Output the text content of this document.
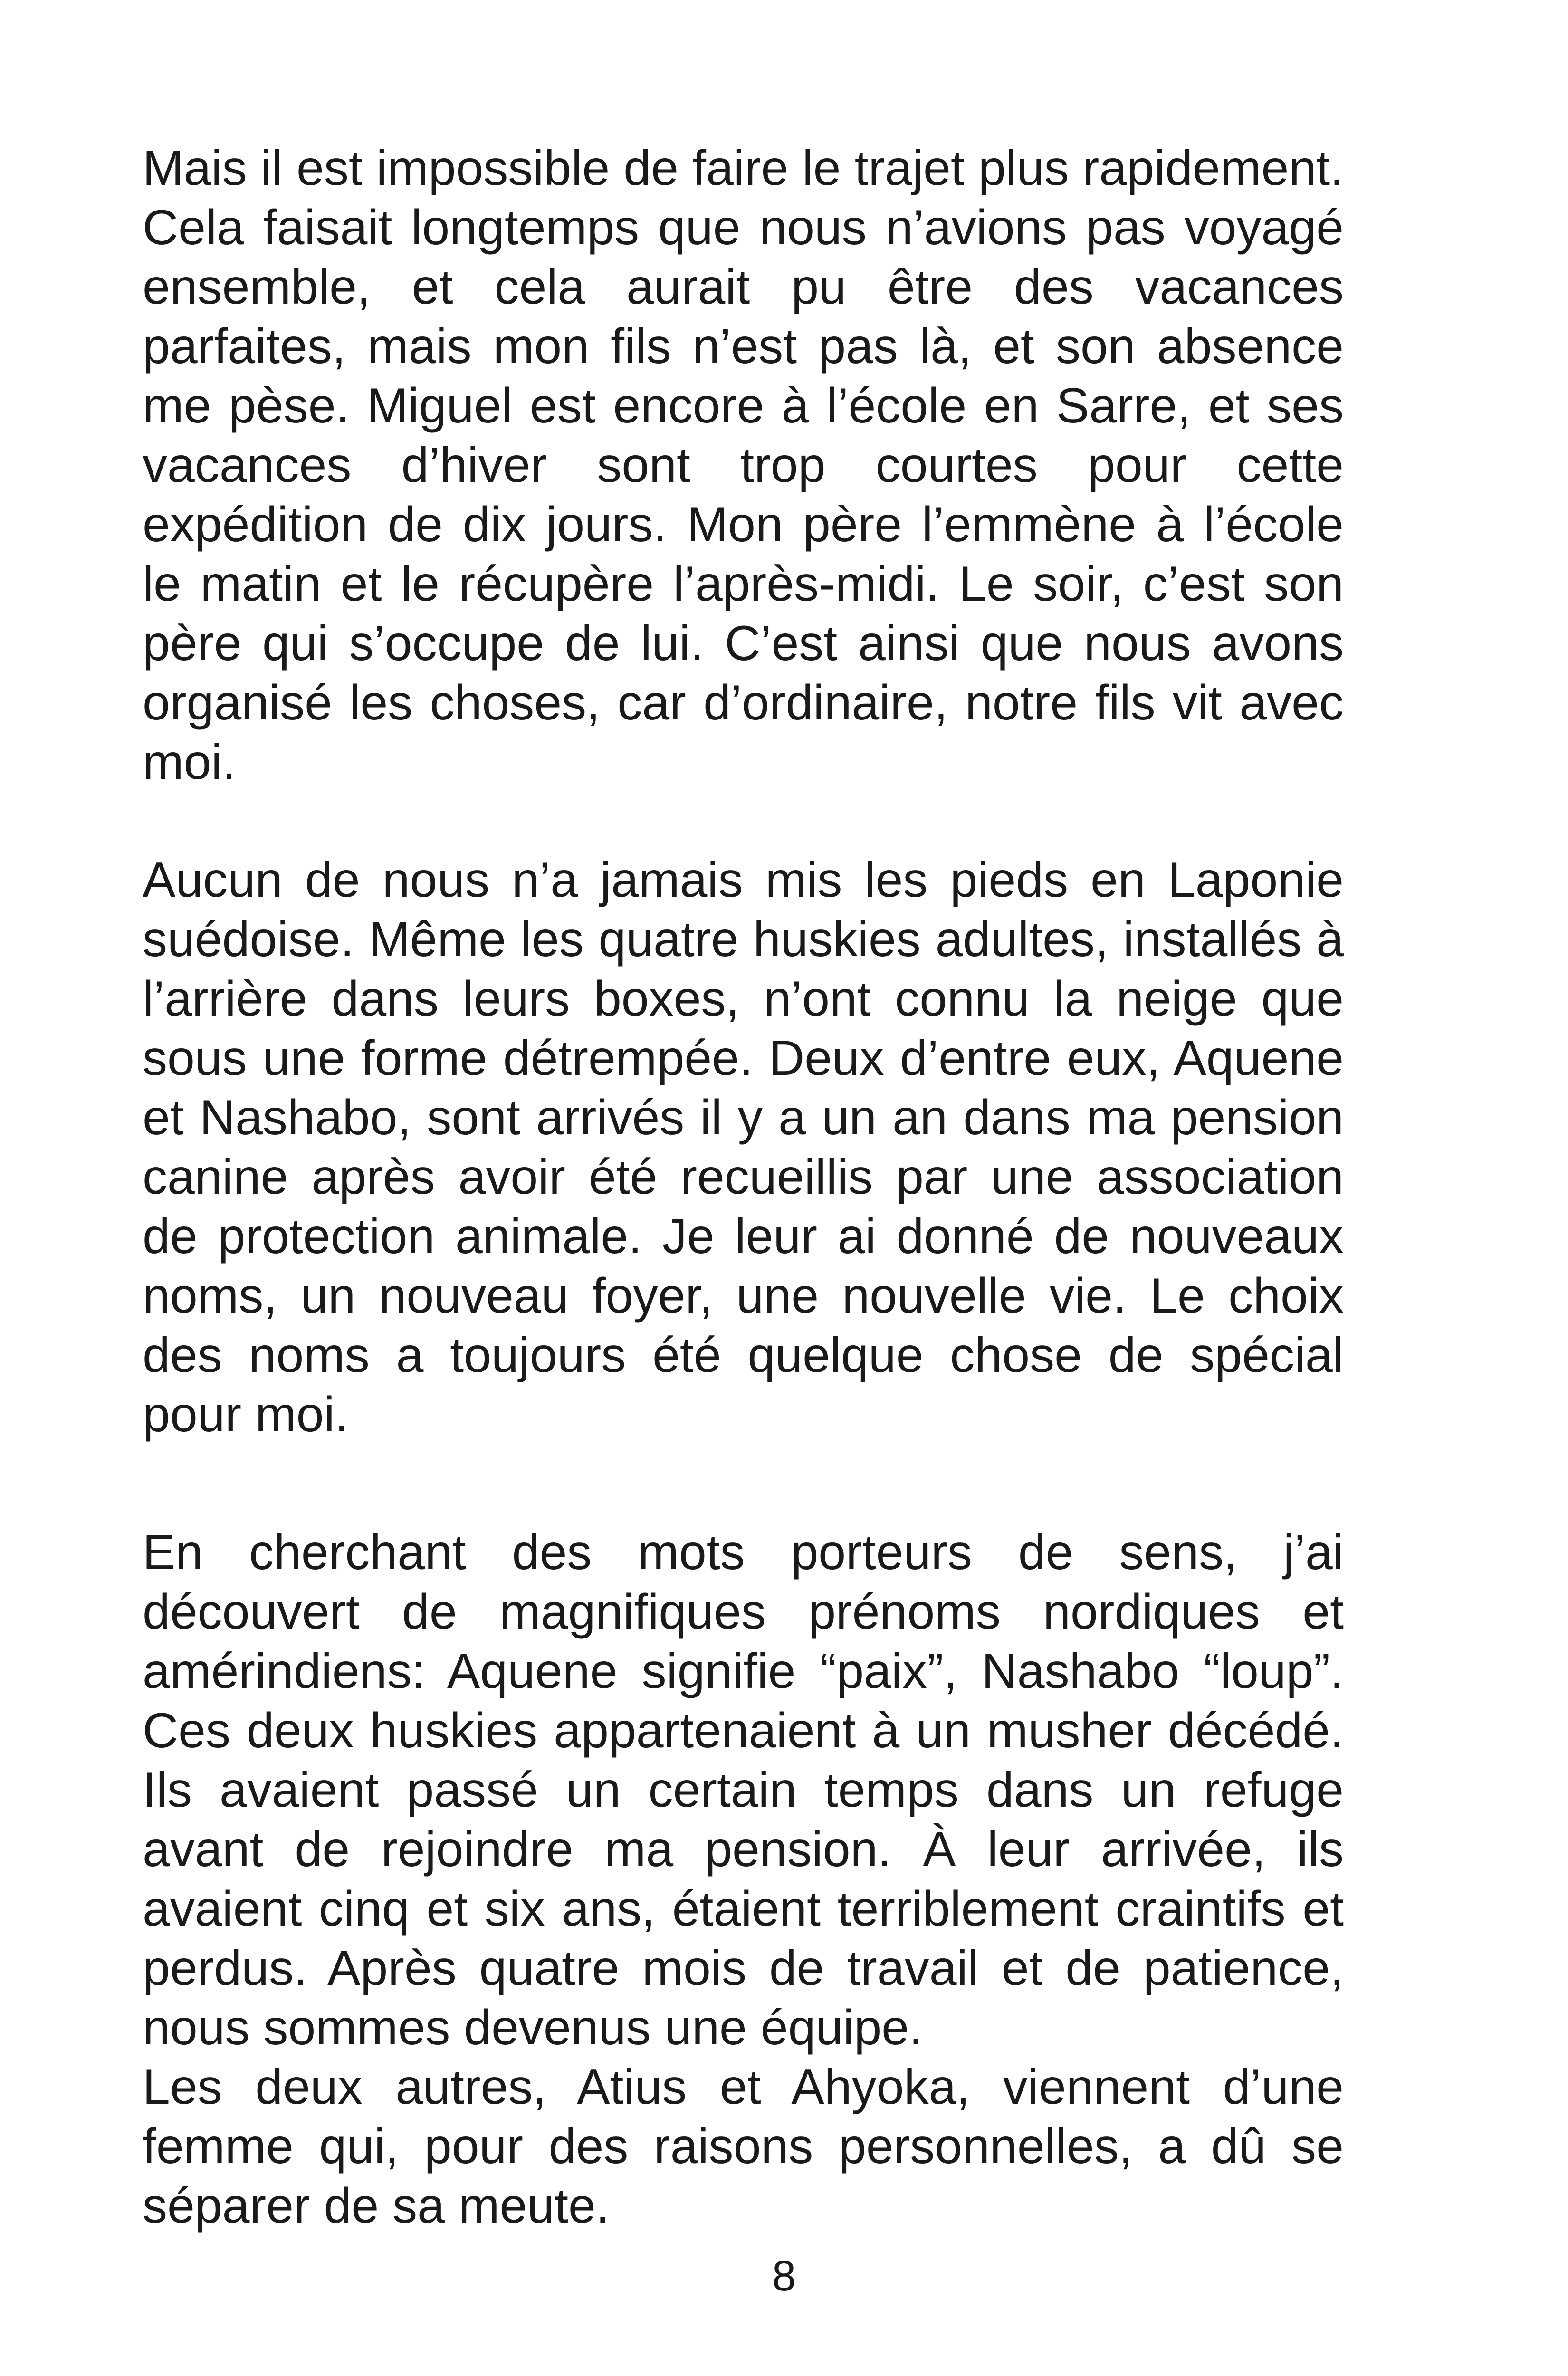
Mais il est impossible de faire le trajet plus rapidement. Cela faisait longtemps que nous n’avions pas voyagé ensemble, et cela aurait pu être des vacances parfaites, mais mon fils n’est pas là, et son absence me pèse. Miguel est encore à l’école en Sarre, et ses vacances d’hiver sont trop courtes pour cette expédition de dix jours. Mon père l’emmène à l’école le matin et le récupère l’après-midi. Le soir, c’est son père qui s’occupe de lui. C’est ainsi que nous avons organisé les choses, car d’ordinaire, notre fils vit avec moi.

Aucun de nous n’a jamais mis les pieds en Laponie suédoise. Même les quatre huskies adultes, installés à l’arrière dans leurs boxes, n’ont connu la neige que sous une forme détrempée. Deux d’entre eux, Aquene et Nashabo, sont arrivés il y a un an dans ma pension canine après avoir été recueillis par une association de protection animale. Je leur ai donné de nouveaux noms, un nouveau foyer, une nouvelle vie. Le choix des noms a toujours été quelque chose de spécial pour moi.

En cherchant des mots porteurs de sens, j’ai découvert de magnifiques prénoms nordiques et amérindiens: Aquene signifie “paix”, Nashabo “loup”. Ces deux huskies appartenaient à un musher décédé. Ils avaient passé un certain temps dans un refuge avant de rejoindre ma pension. À leur arrivée, ils avaient cinq et six ans, étaient terriblement craintifs et perdus. Après quatre mois de travail et de patience, nous sommes devenus une équipe.

Les deux autres, Atius et Ahyoka, viennent d’une femme qui, pour des raisons personnelles, a dû se séparer de sa meute.

8
